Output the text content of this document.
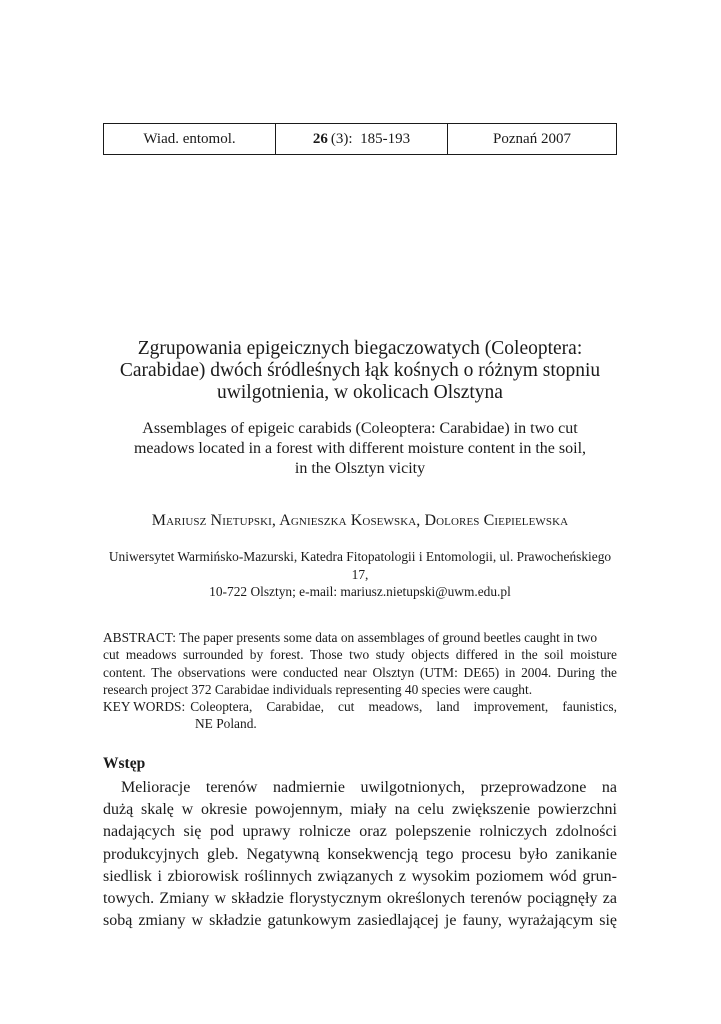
Wiad. entomol.	26 (3):  185-193	Poznań 2007
Zgrupowania epigeicznych biegaczowatych (Coleoptera:
Carabidae) dwóch śródleśnych łąk kośnych o różnym stopniu
uwilgotnienia, w okolicach Olsztyna
Assemblages of epigeic carabids (Coleoptera: Carabidae) in two cut
meadows located in a forest with different moisture content in the soil,
in the Olsztyn vicity
Mariusz Nietupski, Agnieszka Kosewska, Dolores Ciepielewska
Uniwersytet Warmińsko-Mazurski, Katedra Fitopatologii i Entomologii, ul. Prawocheńskiego 17,
10-722 Olsztyn; e-mail: mariusz.nietupski@uwm.edu.pl
ABSTRACT: The paper presents some data on assemblages of ground beetles caught in two
cut meadows surrounded by forest. Those two study objects differed in the soil moisture
content. The observations were conducted near Olsztyn (UTM: DE65) in 2004. During the
research project 372 Carabidae individuals representing 40 species were caught.
KEY WORDS: Coleoptera, Carabidae, cut meadows, land improvement, faunistics,
NE Poland.
Wstęp
Melioracje terenów nadmiernie uwilgotnionych, przeprowadzone na
dużą skalę w okresie powojennym, miały na celu zwiększenie powierzchni
nadających się pod uprawy rolnicze oraz polepszenie rolniczych zdolności
produkcyjnych gleb. Negatywną konsekwencją tego procesu było zanikanie
siedlisk i zbiorowisk roślinnych związanych z wysokim poziomem wód grun-
towych. Zmiany w składzie florystycznym określonych terenów pociągnęły za
sobą zmiany w składzie gatunkowym zasiedlającej je fauny, wyrażającym się
